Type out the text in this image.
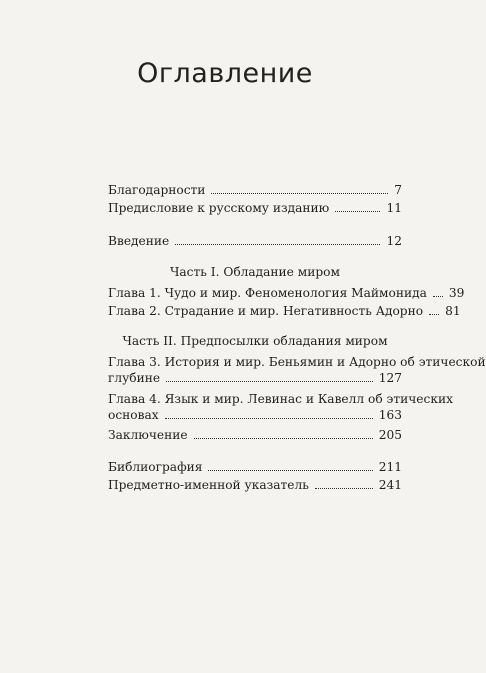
Оглавление
Благодарности	7
Предисловие к русскому изданию	11
Введение	12
Часть I. Обладание миром
Глава 1. Чудо и мир. Феноменология Маймонида 39
Глава 2. Страдание и мир. Негативность Адорно 81
Часть II. Предпосылки обладания миром
Глава 3. История и мир. Беньямин и Адорно об этической
глубине	127
Глава 4. Язык и мир. Левинас и Кавелл об этических
основах	163
Заключение	205
Библиография	211
Предметно-именной указатель	241
